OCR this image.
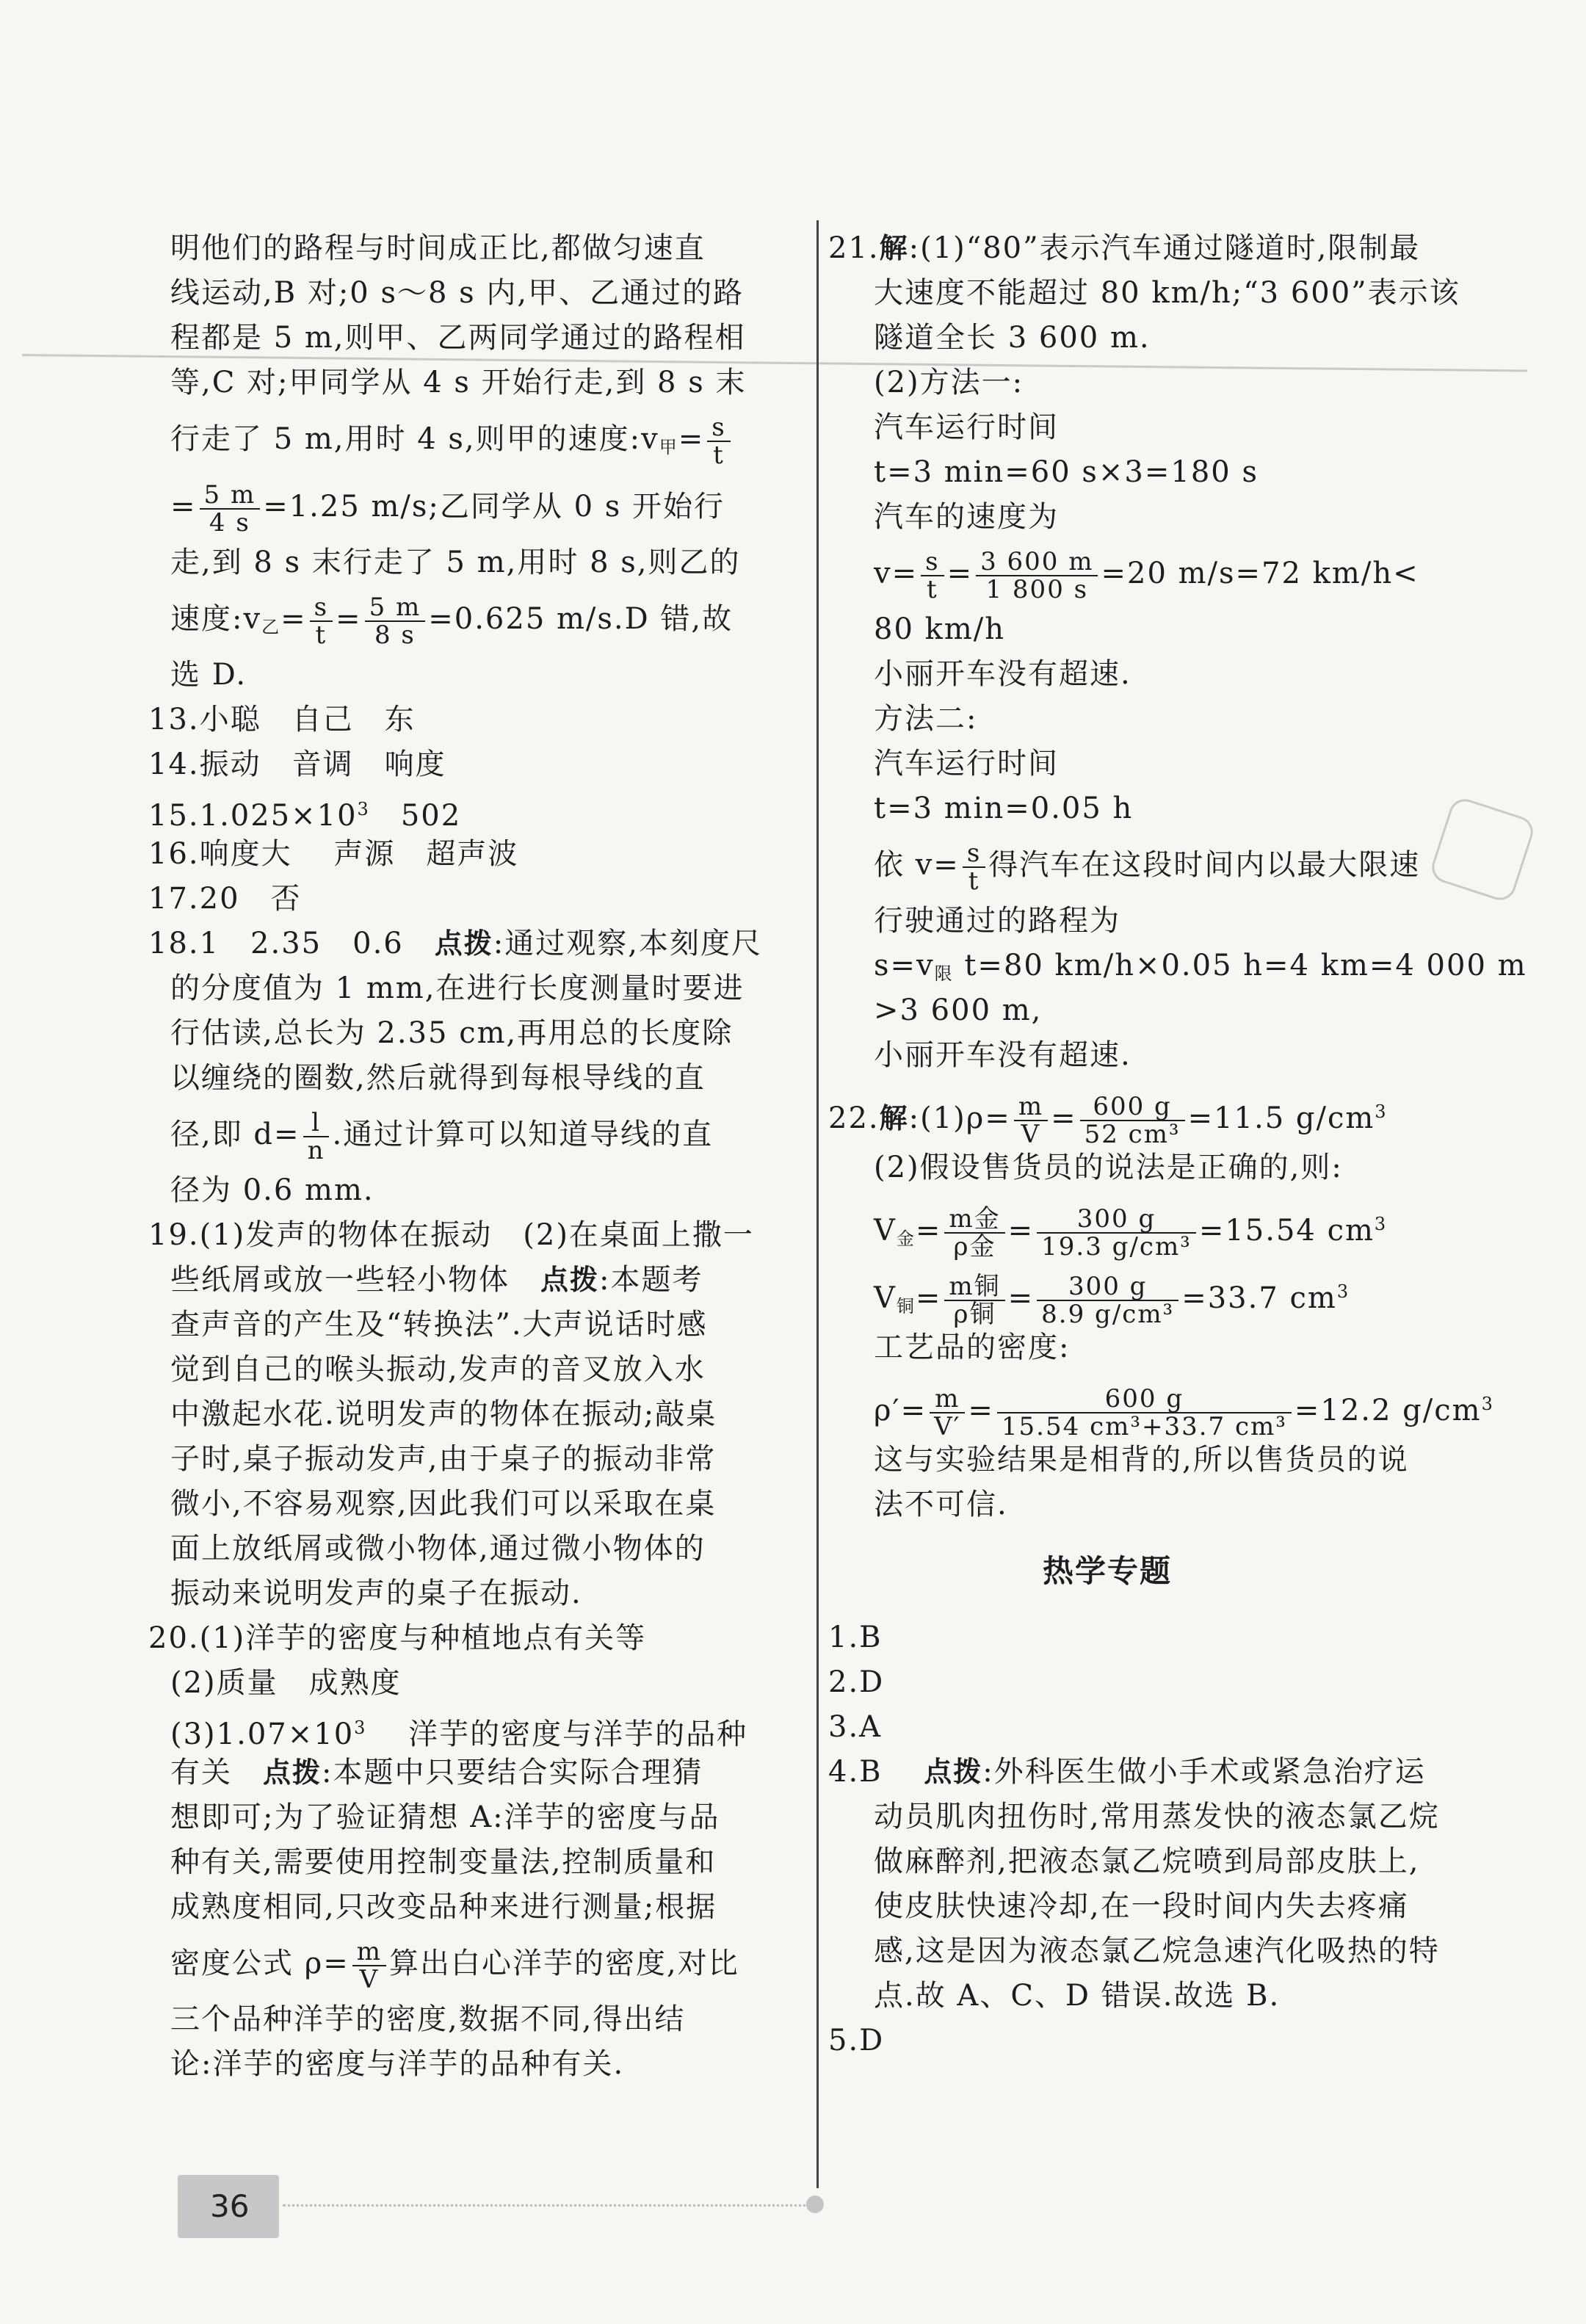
明他们的路程与时间成正比,都做匀速直
线运动,B 对;0 s～8 s 内,甲、乙通过的路
程都是 5 m,则甲、乙两同学通过的路程相
等,C 对;甲同学从 4 s 开始行走,到 8 s 末
行走了 5 m,用时 4 s,则甲的速度$:v_甲= \frac{s}{t}$
= $\frac{5 m}{4 s} =1.25$ m/s;乙同学从 0 s 开始行
走,到 8 s 末行走了 5 m,用时 8 s,则乙的
速度$:v_乙= \frac{s}{t} = \frac{5 m}{8 s} =0.625$ m/s.D 错,故
选 D.
13.小聪　自己　东
14.振动　音调　响度
$15.1.025\times 10^3$　502
16.响度大　 声源　超声波
17.20　否
18.1　2.35　0.6　点拨:通过观察,本刻度尺
的分度值为 1 mm,在进行长度测量时要进
行估读,总长为 2.35 cm,再用总的长度除
以缠绕的圈数,然后就得到每根导线的直
径,即 $d= \frac{l}{n}$ .通过计算可以知道导线的直
径为 0.6 mm.
19.(1)发声的物体在振动　(2)在桌面上撒一
些纸屑或放一些轻小物体　点拨:本题考
查声音的产生及“转换法”.大声说话时感
觉到自己的喉头振动,发声的音叉放入水
中激起水花.说明发声的物体在振动;敲桌
子时,桌子振动发声,由于桌子的振动非常
微小,不容易观察,因此我们可以采取在桌
面上放纸屑或微小物体,通过微小物体的
振动来说明发声的桌子在振动.
20.(1)洋芋的密度与种植地点有关等
(2)质量　成熟度
$(3)1.07\times 10^3$　 洋芋的密度与洋芋的品种
有关　点拨:本题中只要结合实际合理猜
想即可;为了验证猜想 A:洋芋的密度与品
种有关,需要使用控制变量法,控制质量和
成熟度相同,只改变品种来进行测量;根据
密度公式 $\rho= \frac{m}{V}$ 算出白心洋芋的密度,对比
三个品种洋芋的密度,数据不同,得出结
论:洋芋的密度与洋芋的品种有关.
21.解:(1)“80”表示汽车通过隧道时,限制最
大速度不能超过 80 km/h;“3 600”表示该
隧道全长 3 600 m.
(2)方法一:
汽车运行时间
t=3 min=60 s×3=180 s
汽车的速度为
$v= \frac{s}{t} = \frac{3 600 m}{1 800 s} =20$ m/s=72 km/h<
80 km/h
小丽开车没有超速.
方法二:
汽车运行时间
t=3 min=0.05 h
依 $v= \frac{s}{t}$ 得汽车在这段时间内以最大限速
行驶通过的路程为
$s=v_限$ t=80 km/h×0.05 h=4 km=4 000 m
>3 600 m,
小丽开车没有超速.
22.解:(1)ρ= $\frac{m}{V} = \frac{600 g}{\text{52 cm³}} =11.5$ $g/cm^3$
(2)假设售货员的说法是正确的,则:
$V_金= \frac{\text{m金}}{\text{ρ金}} = \frac{300 g}{\text{19.3 g/cm³}} =15.54$ $cm^3$
$V_铜= \frac{\text{m铜}}{\text{ρ铜}} = \frac{300 g}{\text{8.9 g/cm³}} =33.7$ $cm^3$
工艺品的密度:
$\rho'= \frac{m}{V'} = \frac{600 g}{\text{15.54 cm³+33.7 cm³}} =12.2$ $g/cm^3$
这与实验结果是相背的,所以售货员的说
法不可信.
热学专题
1.B
2.D
3.A
4.B　 点拨:外科医生做小手术或紧急治疗运
动员肌肉扭伤时,常用蒸发快的液态氯乙烷
做麻醉剂,把液态氯乙烷喷到局部皮肤上,
使皮肤快速冷却,在一段时间内失去疼痛
感,这是因为液态氯乙烷急速汽化吸热的特
点.故 A、C、D 错误.故选 B.
5.D
36
